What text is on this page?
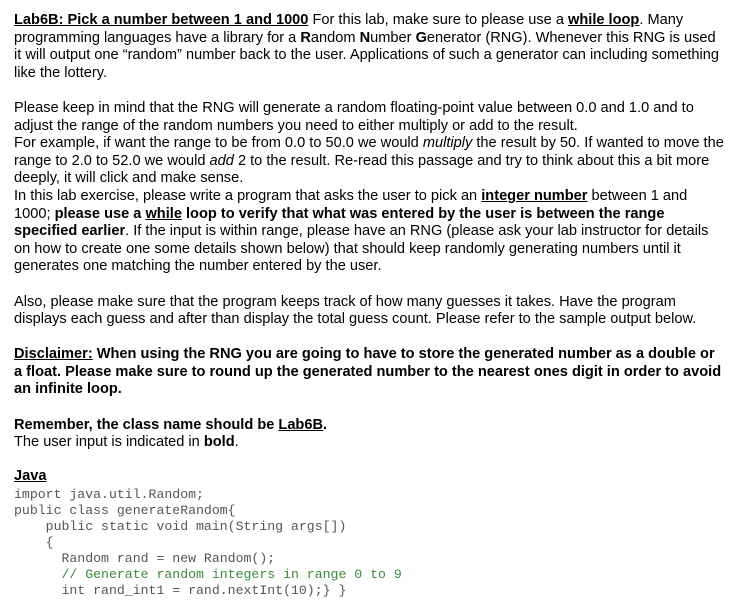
Lab6B: Pick a number between 1 and 1000 For this lab, make sure to please use a while loop. Many programming languages have a library for a Random Number Generator (RNG). Whenever this RNG is used it will output one “random” number back to the user. Applications of such a generator can including something like the lottery.

Please keep in mind that the RNG will generate a random floating-point value between 0.0 and 1.0 and to adjust the range of the random numbers you need to either multiply or add to the result.

For example, if want the range to be from 0.0 to 50.0 we would multiply the result by 50. If wanted to move the range to 2.0 to 52.0 we would add 2 to the result. Re-read this passage and try to think about this a bit more deeply, it will click and make sense.

In this lab exercise, please write a program that asks the user to pick an integer number between 1 and 1000; please use a while loop to verify that what was entered by the user is between the range specified earlier. If the input is within range, please have an RNG (please ask your lab instructor for details on how to create one some details shown below) that should keep randomly generating numbers until it generates one matching the number entered by the user.

Also, please make sure that the program keeps track of how many guesses it takes. Have the program displays each guess and after than display the total guess count. Please refer to the sample output below.

Disclaimer: When using the RNG you are going to have to store the generated number as a double or a float. Please make sure to round up the generated number to the nearest ones digit in order to avoid an infinite loop.

Remember, the class name should be Lab6B.

The user input is indicated in bold.

Java

import java.util.Random;
public class generateRandom{
public static void main(String args[])
{
Random rand = new Random();
// Generate random integers in range 0 to 9
int rand_int1 = rand.nextInt(10);} }
